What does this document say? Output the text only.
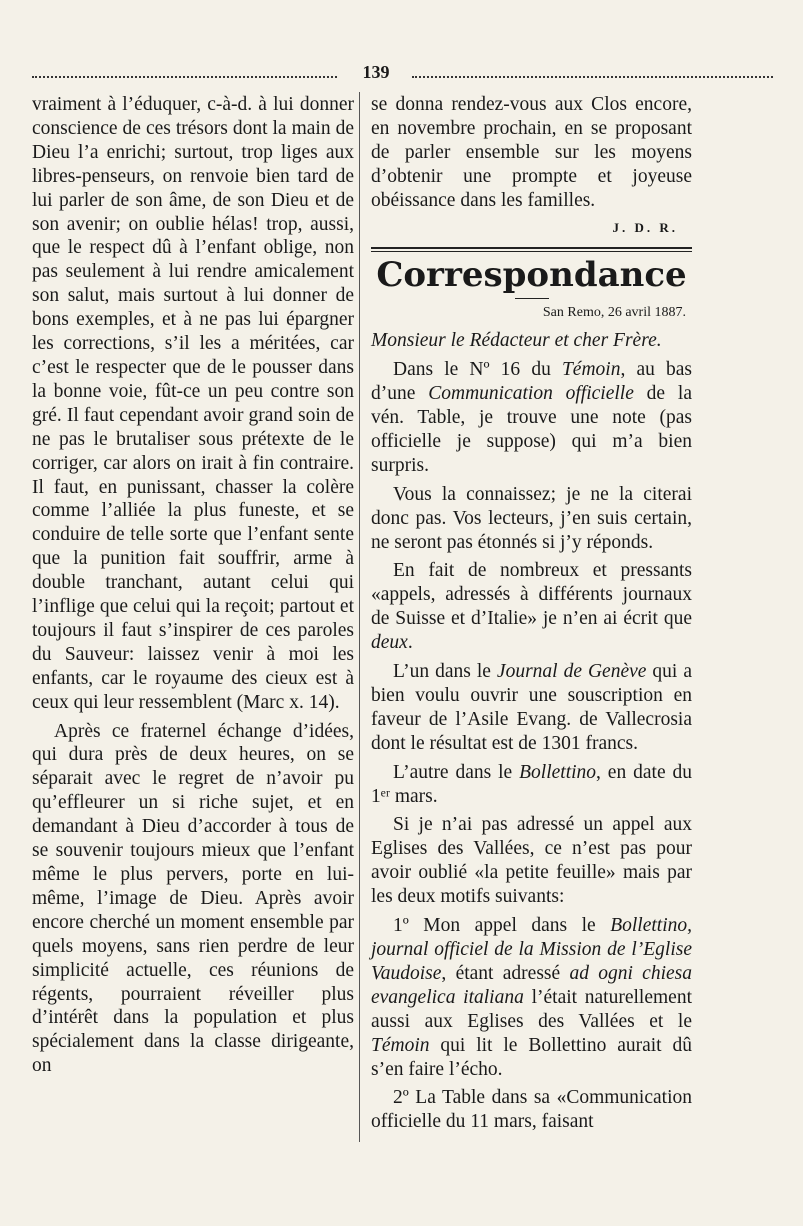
139

vraiment à l’éduquer, c-à-d. à lui donner conscience de ces trésors dont la main de Dieu l’a enrichi; surtout, trop liges aux libres-penseurs, on renvoie bien tard de lui parler de son âme, de son Dieu et de son avenir; on oublie hélas! trop, aussi, que le respect dû à l’enfant oblige, non pas seulement à lui rendre amicalement son salut, mais surtout à lui donner de bons exemples, et à ne pas lui épargner les corrections, s’il les a méritées, car c’est le respecter que de le pousser dans la bonne voie, fût-ce un peu contre son gré. Il faut cependant avoir grand soin de ne pas le brutaliser sous prétexte de le corriger, car alors on irait à fin contraire. Il faut, en punissant, chasser la colère comme l’alliée la plus funeste, et se conduire de telle sorte que l’enfant sente que la punition fait souffrir, arme à double tranchant, autant celui qui l’inflige que celui qui la reçoit; partout et toujours il faut s’inspirer de ces paroles du Sauveur: laissez venir à moi les enfants, car le royaume des cieux est à ceux qui leur ressemblent (Marc x. 14).

Après ce fraternel échange d’idées, qui dura près de deux heures, on se séparait avec le regret de n’avoir pu qu’effleurer un si riche sujet, et en demandant à Dieu d’accorder à tous de se souvenir toujours mieux que l’enfant même le plus pervers, porte en lui-même, l’image de Dieu. Après avoir encore cherché un moment ensemble par quels moyens, sans rien perdre de leur simplicité actuelle, ces réunions de régents, pourraient réveiller plus d’intérêt dans la population et plus spécialement dans la classe dirigeante, on

se donna rendez-vous aux Clos encore, en novembre prochain, en se proposant de parler ensemble sur les moyens d’obtenir une prompte et joyeuse obéissance dans les familles.

J. D. R.
Correspondance
San Remo, 26 avril 1887.

Monsieur le Rédacteur et cher Frère.

Dans le Nº 16 du Témoin, au bas d’une Communication officielle de la vén. Table, je trouve une note (pas officielle je suppose) qui m’a bien surpris.

Vous la connaissez; je ne la citerai donc pas. Vos lecteurs, j’en suis certain, ne seront pas étonnés si j’y réponds.

En fait de nombreux et pressants «appels, adressés à différents journaux de Suisse et d’Italie» je n’en ai écrit que deux.

L’un dans le Journal de Genève qui a bien voulu ouvrir une souscription en faveur de l’Asile Evang. de Vallecrosia dont le résultat est de 1301 francs.

L’autre dans le Bollettino, en date du 1ᵉʳ mars.

Si je n’ai pas adressé un appel aux Eglises des Vallées, ce n’est pas pour avoir oublié «la petite feuille» mais par les deux motifs suivants:

1º Mon appel dans le Bollettino, journal officiel de la Mission de l’Eglise Vaudoise, étant adressé ad ogni chiesa evangelica italiana l’était naturellement aussi aux Eglises des Vallées et le Témoin qui lit le Bollettino aurait dû s’en faire l’écho.

2º La Table dans sa «Communication officielle du 11 mars, faisant
